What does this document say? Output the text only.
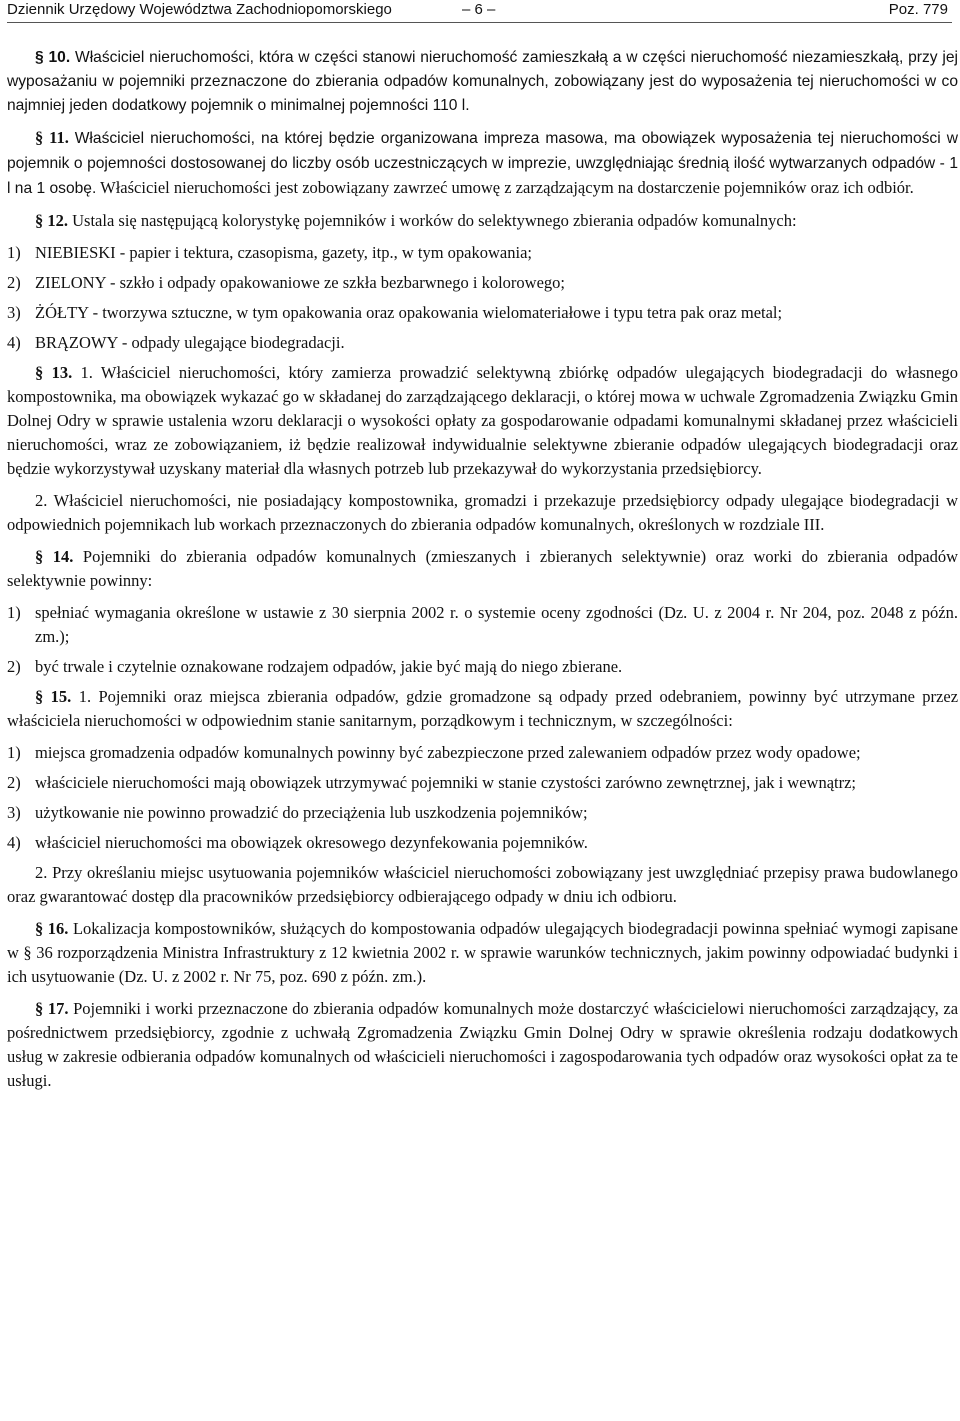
Dziennik Urzędowy Województwa Zachodniopomorskiego	– 6 –	Poz. 779

§ 10. Właściciel nieruchomości, która w części stanowi nieruchomość zamieszkałą a w części nieruchomość niezamieszkałą, przy jej wyposażaniu w pojemniki przeznaczone do zbierania odpadów komunalnych, zobowiązany jest do wyposażenia tej nieruchomości w co najmniej jeden dodatkowy pojemnik o minimalnej pojemności 110 l.

§ 11. Właściciel nieruchomości, na której będzie organizowana impreza masowa, ma obowiązek wyposażenia tej nieruchomości w pojemnik o pojemności dostosowanej do liczby osób uczestniczących w imprezie, uwzględniając średnią ilość wytwarzanych odpadów - 1 l na 1 osobę. Właściciel nieruchomości jest zobowiązany zawrzeć umowę z zarządzającym na dostarczenie pojemników oraz ich odbiór.

§ 12. Ustala się następującą kolorystykę pojemników i worków do selektywnego zbierania odpadów komunalnych:

1) NIEBIESKI - papier i tektura, czasopisma, gazety, itp., w tym opakowania;

2) ZIELONY - szkło i odpady opakowaniowe ze szkła bezbarwnego i kolorowego;

3) ŻÓŁTY - tworzywa sztuczne, w tym opakowania oraz opakowania wielomateriałowe i typu tetra pak oraz metal;

4) BRĄZOWY - odpady ulegające biodegradacji.

§ 13. 1. Właściciel nieruchomości, który zamierza prowadzić selektywną zbiórkę odpadów ulegających biodegradacji do własnego kompostownika, ma obowiązek wykazać go w składanej do zarządzającego deklaracji, o której mowa w uchwale Zgromadzenia Związku Gmin Dolnej Odry w sprawie ustalenia wzoru deklaracji o wysokości opłaty za gospodarowanie odpadami komunalnymi składanej przez właścicieli nieruchomości, wraz ze zobowiązaniem, iż będzie realizował indywidualnie selektywne zbieranie odpadów ulegających biodegradacji oraz będzie wykorzystywał uzyskany materiał dla własnych potrzeb lub przekazywał do wykorzystania przedsiębiorcy.

2. Właściciel nieruchomości, nie posiadający kompostownika, gromadzi i przekazuje przedsiębiorcy odpady ulegające biodegradacji w odpowiednich pojemnikach lub workach przeznaczonych do zbierania odpadów komunalnych, określonych w rozdziale III.

§ 14. Pojemniki do zbierania odpadów komunalnych (zmieszanych i zbieranych selektywnie) oraz worki do zbierania odpadów selektywnie powinny:

1) spełniać wymagania określone w ustawie z 30 sierpnia 2002 r. o systemie oceny zgodności (Dz. U. z 2004 r. Nr 204, poz. 2048 z późn. zm.);

2) być trwale i czytelnie oznakowane rodzajem odpadów, jakie być mają do niego zbierane.

§ 15. 1. Pojemniki oraz miejsca zbierania odpadów, gdzie gromadzone są odpady przed odebraniem, powinny być utrzymane przez właściciela nieruchomości w odpowiednim stanie sanitarnym, porządkowym i technicznym, w szczególności:

1) miejsca gromadzenia odpadów komunalnych powinny być zabezpieczone przed zalewaniem odpadów przez wody opadowe;

2) właściciele nieruchomości mają obowiązek utrzymywać pojemniki w stanie czystości zarówno zewnętrznej, jak i wewnątrz;

3) użytkowanie nie powinno prowadzić do przeciążenia lub uszkodzenia pojemników;

4) właściciel nieruchomości ma obowiązek okresowego dezynfekowania pojemników.

2. Przy określaniu miejsc usytuowania pojemników właściciel nieruchomości zobowiązany jest uwzględniać przepisy prawa budowlanego oraz gwarantować dostęp dla pracowników przedsiębiorcy odbierającego odpady w dniu ich odbioru.

§ 16. Lokalizacja kompostowników, służących do kompostowania odpadów ulegających biodegradacji powinna spełniać wymogi zapisane w § 36 rozporządzenia Ministra Infrastruktury z 12 kwietnia 2002 r. w sprawie warunków technicznych, jakim powinny odpowiadać budynki i ich usytuowanie (Dz. U. z 2002 r. Nr 75, poz. 690 z późn. zm.).

§ 17. Pojemniki i worki przeznaczone do zbierania odpadów komunalnych może dostarczyć właścicielowi nieruchomości zarządzający, za pośrednictwem przedsiębiorcy, zgodnie z uchwałą Zgromadzenia Związku Gmin Dolnej Odry w sprawie określenia rodzaju dodatkowych usług w zakresie odbierania odpadów komunalnych od właścicieli nieruchomości i zagospodarowania tych odpadów oraz wysokości opłat za te usługi.
